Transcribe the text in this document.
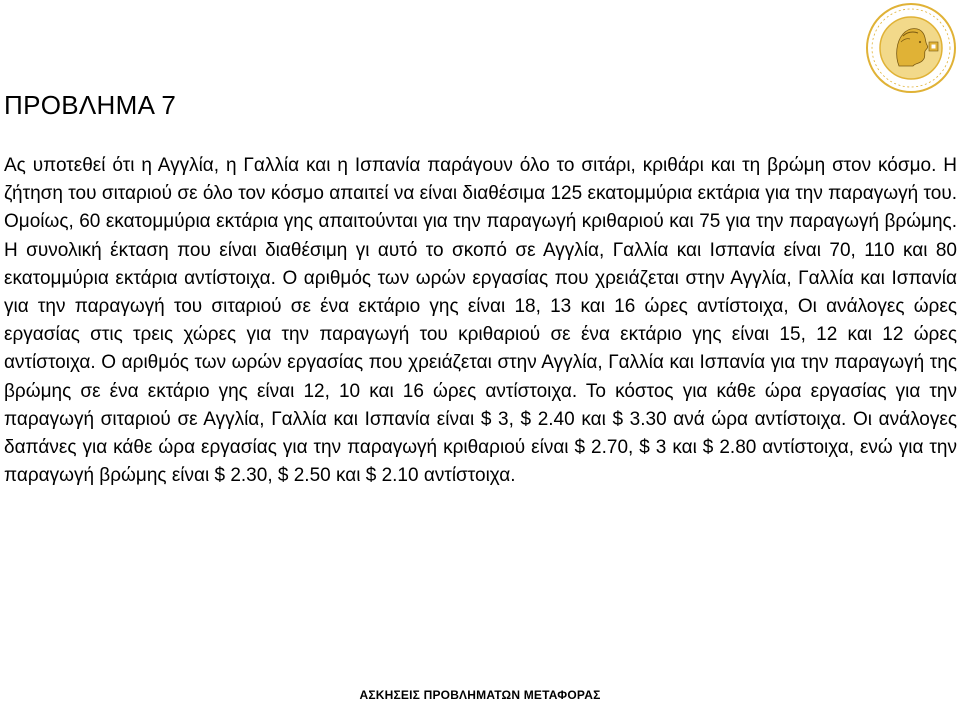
ΠΡΟΒΛΗΜΑ 7

Ας υποτεθεί ότι η Αγγλία, η Γαλλία και η Ισπανία παράγουν όλο το σιτάρι, κριθάρι και τη βρώμη στον κόσμο. Η ζήτηση του σιταριού σε όλο τον κόσμο απαιτεί να είναι διαθέσιμα 125 εκατομμύρια εκτάρια για την παραγωγή του. Ομοίως, 60 εκατομμύρια εκτάρια γης απαιτούνται για την παραγωγή κριθαριού και 75 για την παραγωγή βρώμης. Η συνολική έκταση που είναι διαθέσιμη γι αυτό το σκοπό σε Αγγλία, Γαλλία και Ισπανία είναι 70, 110 και 80 εκατομμύρια εκτάρια αντίστοιχα. Ο αριθμός των ωρών εργασίας που χρειάζεται στην Αγγλία, Γαλλία και Ισπανία για την παραγωγή του σιταριού σε ένα εκτάριο γης είναι 18, 13 και 16 ώρες αντίστοιχα, Οι ανάλογες ώρες εργασίας στις τρεις χώρες για την παραγωγή του κριθαριού σε ένα εκτάριο γης είναι 15, 12 και 12 ώρες αντίστοιχα. Ο αριθμός των ωρών εργασίας που χρειάζεται στην Αγγλία, Γαλλία και Ισπανία για την παραγωγή της βρώμης σε ένα εκτάριο γης είναι 12, 10 και 16 ώρες αντίστοιχα. Το κόστος για κάθε ώρα εργασίας για την παραγωγή σιταριού σε Αγγλία, Γαλλία και Ισπανία είναι $ 3, $ 2.40 και $ 3.30 ανά ώρα αντίστοιχα. Οι ανάλογες δαπάνες για κάθε ώρα εργασίας για την παραγωγή κριθαριού είναι $ 2.70, $ 3 και $ 2.80 αντίστοιχα, ενώ για την παραγωγή βρώμης είναι $ 2.30, $ 2.50 και $ 2.10 αντίστοιχα.

ΑΣΚΗΣΕΙΣ ΠΡΟΒΛΗΜΑΤΩΝ ΜΕΤΑΦΟΡΑΣ
